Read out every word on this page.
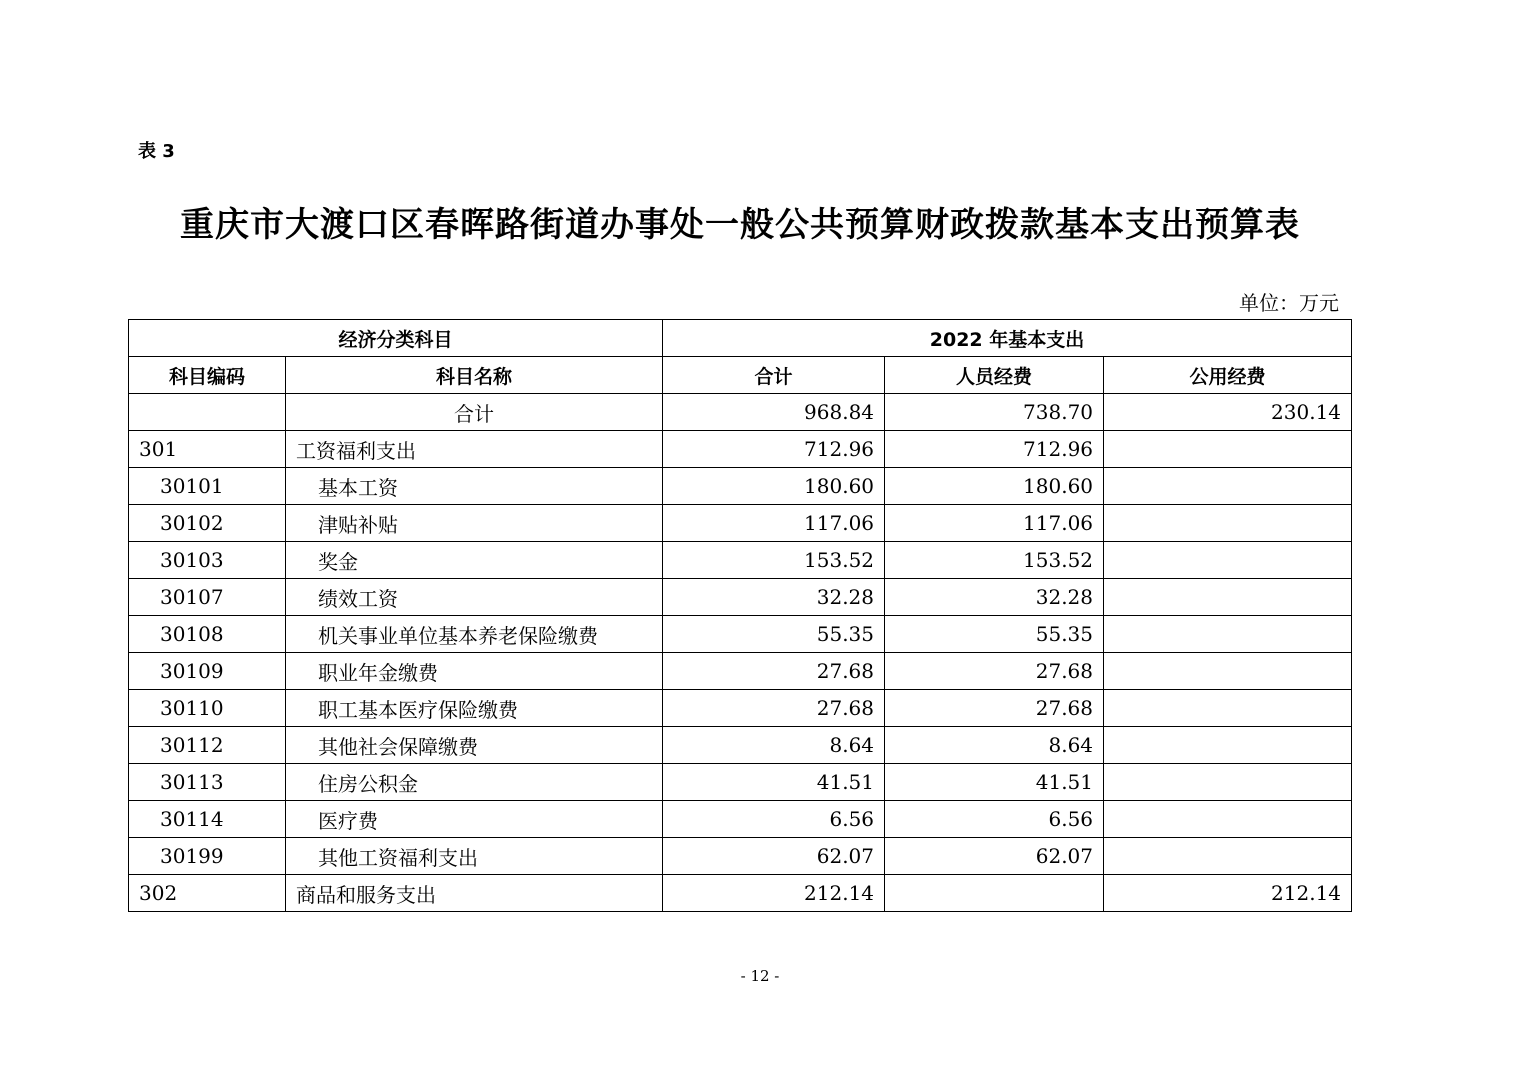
表 3
重庆市大渡口区春晖路街道办事处一般公共预算财政拨款基本支出预算表
单位：万元
经济分类科目		2022 年基本支出		
科目编码	科目名称	合计	人员经费	公用经费
	合计	968.84	738.70	230.14
301	工资福利支出	712.96	712.96	
30101	基本工资	180.60	180.60	
30102	津贴补贴	117.06	117.06	
30103	奖金	153.52	153.52	
30107	绩效工资	32.28	32.28	
30108	机关事业单位基本养老保险缴费	55.35	55.35	
30109	职业年金缴费	27.68	27.68	
30110	职工基本医疗保险缴费	27.68	27.68	
30112	其他社会保障缴费	8.64	8.64	
30113	住房公积金	41.51	41.51	
30114	医疗费	6.56	6.56	
30199	其他工资福利支出	62.07	62.07	
302	商品和服务支出	212.14		212.14
- 12 -
